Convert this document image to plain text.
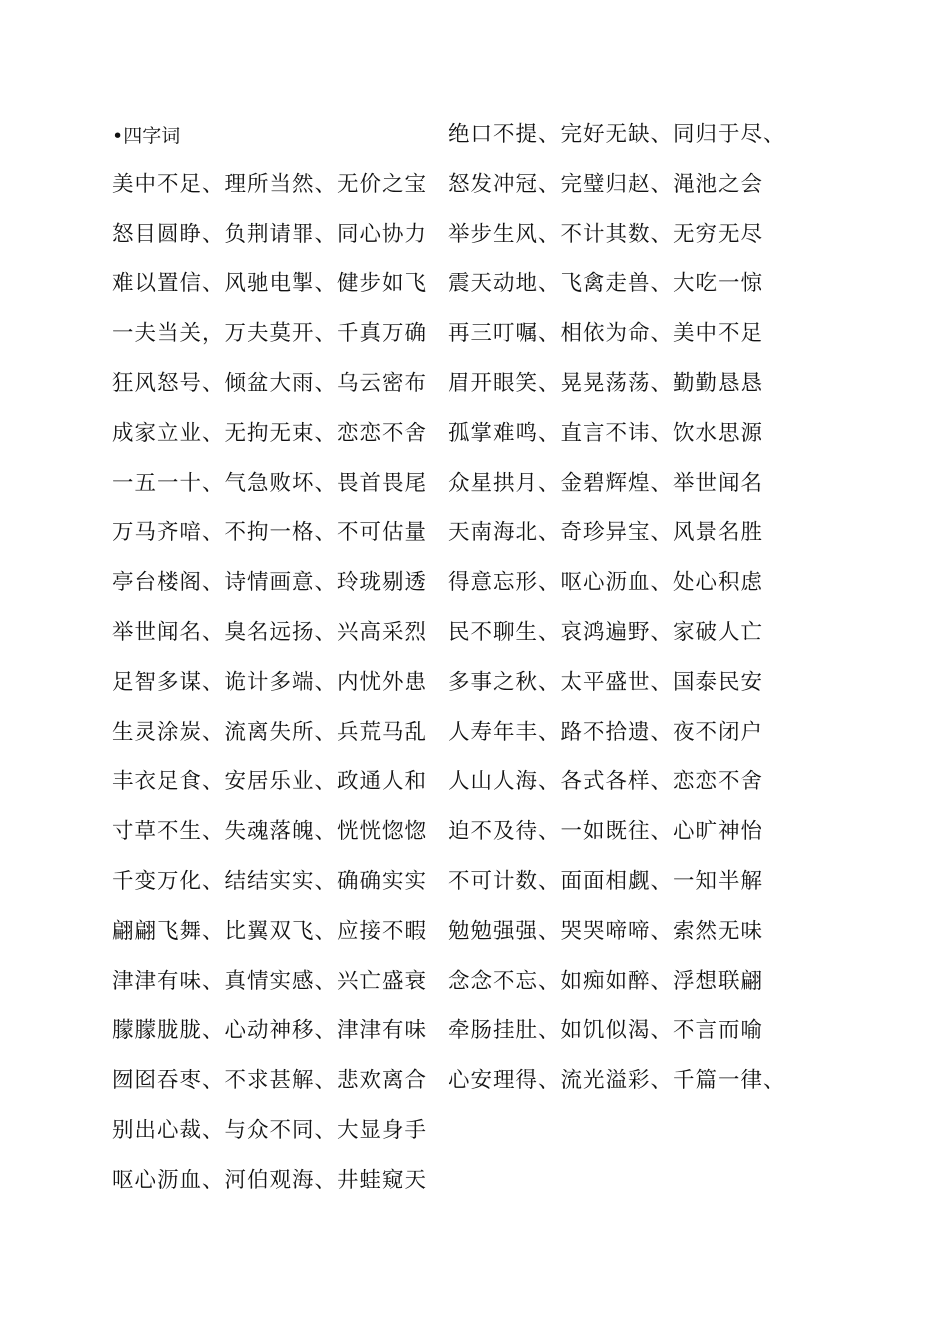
•四字词
美中不足、理所当然、无价之宝
怒目圆睁、负荆请罪、同心协力
难以置信、风驰电掣、健步如飞
一夫当关，万夫莫开、千真万确
狂风怒号、倾盆大雨、乌云密布
成家立业、无拘无束、恋恋不舍
一五一十、气急败坏、畏首畏尾
万马齐喑、不拘一格、不可估量
亭台楼阁、诗情画意、玲珑剔透
举世闻名、臭名远扬、兴高采烈
足智多谋、诡计多端、内忧外患
生灵涂炭、流离失所、兵荒马乱
丰衣足食、安居乐业、政通人和
寸草不生、失魂落魄、恍恍惚惚
千变万化、结结实实、确确实实
翩翩飞舞、比翼双飞、应接不暇
津津有味、真情实感、兴亡盛衰
朦朦胧胧、心动神移、津津有味
囫囵吞枣、不求甚解、悲欢离合
别出心裁、与众不同、大显身手
呕心沥血、河伯观海、井蛙窥天
绝口不提、完好无缺、同归于尽、
怒发冲冠、完璧归赵、渑池之会
举步生风、不计其数、无穷无尽
震天动地、飞禽走兽、大吃一惊
再三叮嘱、相依为命、美中不足
眉开眼笑、晃晃荡荡、勤勤恳恳
孤掌难鸣、直言不讳、饮水思源
众星拱月、金碧辉煌、举世闻名
天南海北、奇珍异宝、风景名胜
得意忘形、呕心沥血、处心积虑
民不聊生、哀鸿遍野、家破人亡
多事之秋、太平盛世、国泰民安
人寿年丰、路不拾遗、夜不闭户
人山人海、各式各样、恋恋不舍
迫不及待、一如既往、心旷神怡
不可计数、面面相觑、一知半解
勉勉强强、哭哭啼啼、索然无味
念念不忘、如痴如醉、浮想联翩
牵肠挂肚、如饥似渴、不言而喻
心安理得、流光溢彩、千篇一律、
